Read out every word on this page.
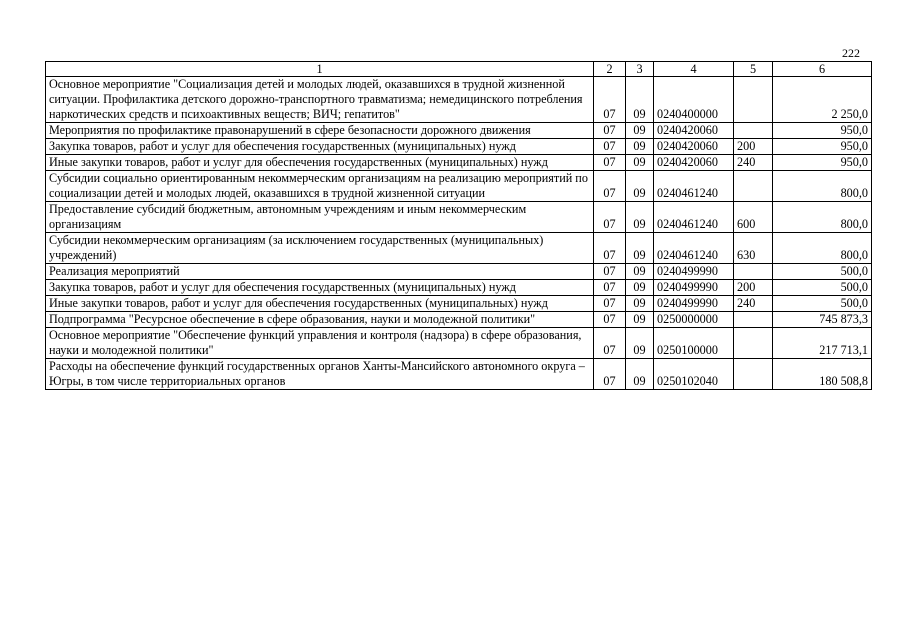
222
1	2	3	4	5	6
Основное мероприятие "Социализация детей и молодых людей, оказавшихся в трудной жизненной ситуации. Профилактика детского дорожно-транспортного травматизма; немедицинского потребления наркотических средств и психоактивных веществ; ВИЧ; гепатитов"	07	09	0240400000		2 250,0
Мероприятия по профилактике правонарушений в сфере безопасности дорожного движения	07	09	0240420060		950,0
Закупка товаров, работ и услуг для обеспечения государственных (муниципальных) нужд	07	09	0240420060	200	950,0
Иные закупки товаров, работ и услуг для обеспечения государственных (муниципальных) нужд	07	09	0240420060	240	950,0
Субсидии социально ориентированным некоммерческим организациям на реализацию мероприятий по социализации детей и молодых людей, оказавшихся в трудной жизненной ситуации	07	09	0240461240		800,0
Предоставление субсидий бюджетным, автономным учреждениям и иным некоммерческим организациям	07	09	0240461240	600	800,0
Субсидии некоммерческим организациям (за исключением государственных (муниципальных) учреждений)	07	09	0240461240	630	800,0
Реализация мероприятий	07	09	0240499990		500,0
Закупка товаров, работ и услуг для обеспечения государственных (муниципальных) нужд	07	09	0240499990	200	500,0
Иные закупки товаров, работ и услуг для обеспечения государственных (муниципальных) нужд	07	09	0240499990	240	500,0
Подпрограмма "Ресурсное обеспечение в сфере образования, науки и молодежной политики"	07	09	0250000000		745 873,3
Основное мероприятие "Обеспечение функций управления и контроля (надзора) в сфере образования, науки и молодежной политики"	07	09	0250100000		217 713,1
Расходы на обеспечение функций государственных органов Ханты-Мансийского автономного округа – Югры, в том числе территориальных органов	07	09	0250102040		180 508,8
